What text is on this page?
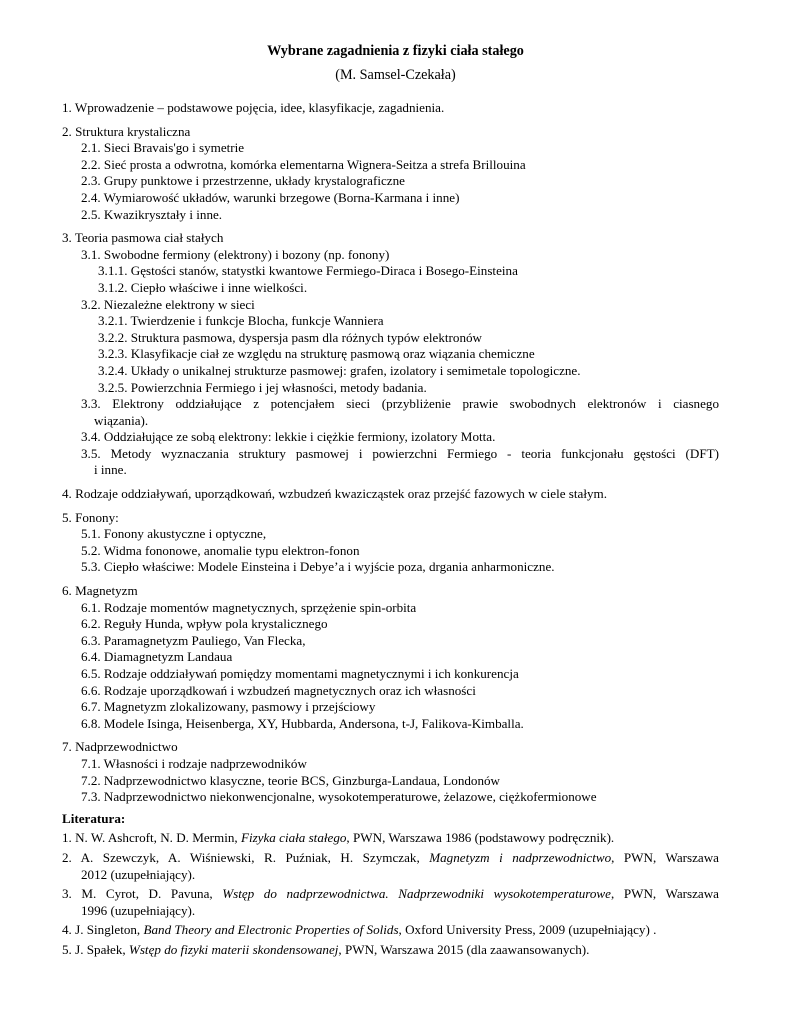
Wybrane zagadnienia z fizyki ciała stałego
(M. Samsel-Czekała)
1. Wprowadzenie – podstawowe pojęcia, idee, klasyfikacje, zagadnienia.
2. Struktura krystaliczna
2.1. Sieci Bravais'go i symetrie
2.2. Sieć prosta a odwrotna, komórka elementarna Wignera-Seitza a strefa Brillouina
2.3. Grupy punktowe i przestrzenne, układy krystalograficzne
2.4. Wymiarowość układów, warunki brzegowe (Borna-Karmana i inne)
2.5. Kwazikryształy i inne.
3. Teoria pasmowa ciał stałych
3.1. Swobodne fermiony (elektrony) i bozony (np. fonony)
3.1.1. Gęstości stanów, statystki kwantowe Fermiego-Diraca i Bosego-Einsteina
3.1.2. Ciepło właściwe i inne wielkości.
3.2. Niezależne elektrony w sieci
3.2.1. Twierdzenie i funkcje Blocha, funkcje Wanniera
3.2.2. Struktura pasmowa, dyspersja pasm dla różnych typów elektronów
3.2.3. Klasyfikacje ciał ze względu na strukturę pasmową oraz wiązania chemiczne
3.2.4. Układy o unikalnej strukturze pasmowej: grafen, izolatory i semimetale topologiczne.
3.2.5. Powierzchnia Fermiego i jej własności, metody badania.
3.3. Elektrony oddziałujące z potencjałem sieci (przybliżenie prawie swobodnych elektronów i ciasnego
wiązania).
3.4. Oddziałujące ze sobą elektrony: lekkie i ciężkie fermiony, izolatory Motta.
3.5. Metody wyznaczania struktury pasmowej i powierzchni Fermiego - teoria funkcjonału gęstości (DFT)
i inne.
4. Rodzaje oddziaływań, uporządkowań, wzbudzeń kwazicząstek oraz przejść fazowych w ciele stałym.
5. Fonony:
5.1. Fonony akustyczne i optyczne,
5.2. Widma fononowe, anomalie typu elektron-fonon
5.3. Ciepło właściwe: Modele Einsteina i Debye’a i wyjście poza, drgania anharmoniczne.
6. Magnetyzm
6.1. Rodzaje momentów magnetycznych, sprzężenie spin-orbita
6.2. Reguły Hunda, wpływ pola krystalicznego
6.3. Paramagnetyzm Pauliego, Van Flecka,
6.4. Diamagnetyzm Landaua
6.5. Rodzaje oddziaływań pomiędzy momentami magnetycznymi i ich konkurencja
6.6. Rodzaje uporządkowań i wzbudzeń magnetycznych oraz ich własności
6.7. Magnetyzm zlokalizowany, pasmowy i przejściowy
6.8. Modele Isinga, Heisenberga, XY, Hubbarda, Andersona, t-J, Falikova-Kimballa.
7. Nadprzewodnictwo
7.1. Własności i rodzaje nadprzewodników
7.2. Nadprzewodnictwo klasyczne, teorie BCS, Ginzburga-Landaua, Londonów
7.3. Nadprzewodnictwo niekonwencjonalne, wysokotemperaturowe, żelazowe, ciężkofermionowe
Literatura:
1. N. W. Ashcroft, N. D. Mermin, Fizyka ciała stałego, PWN, Warszawa 1986 (podstawowy podręcznik).
2. A. Szewczyk, A. Wiśniewski, R. Puźniak, H. Szymczak, Magnetyzm i nadprzewodnictwo, PWN, Warszawa
2012 (uzupełniający).
3. M. Cyrot, D. Pavuna, Wstęp do nadprzewodnictwa. Nadprzewodniki wysokotemperaturowe, PWN, Warszawa
1996 (uzupełniający).
4. J. Singleton, Band Theory and Electronic Properties of Solids, Oxford University Press, 2009 (uzupełniający) .
5. J. Spałek, Wstęp do fizyki materii skondensowanej, PWN, Warszawa 2015 (dla zaawansowanych).
